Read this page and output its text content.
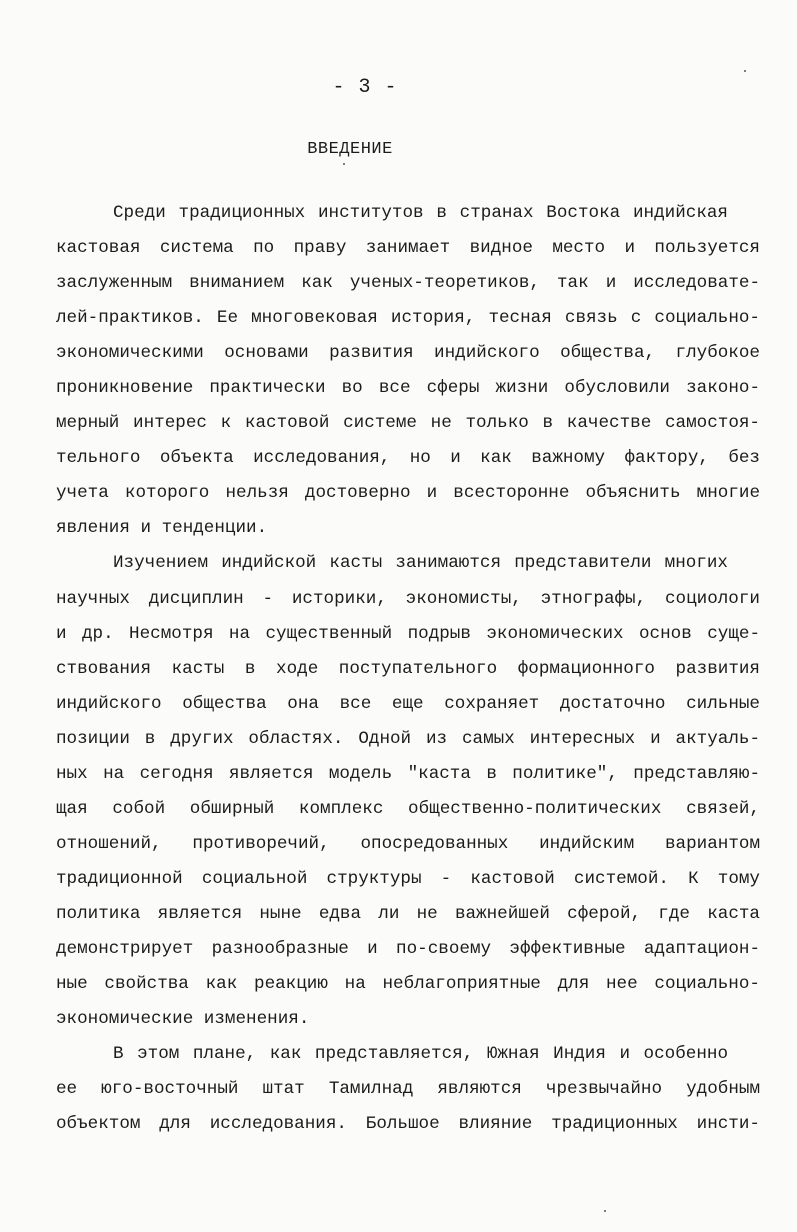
- 3 -
ВВЕДЕНИЕ
Среди традиционных институтов в странах Востока индийская
кастовая система по праву занимает видное место и пользуется
заслуженным вниманием как ученых-теоретиков, так и исследовате-
лей-практиков. Ее многовековая история, тесная связь с социально-
экономическими основами развития индийского общества, глубокое
проникновение практически во все сферы жизни обусловили законо-
мерный интерес к кастовой системе не только в качестве самостоя-
тельного объекта исследования, но и как важному фактору, без
учета которого нельзя достоверно и всесторонне объяснить многие
явления и тенденции.
Изучением индийской касты занимаются представители многих
научных дисциплин - историки, экономисты, этнографы, социологи
и др. Несмотря на существенный подрыв экономических основ суще-
ствования касты в ходе поступательного формационного развития
индийского общества она все еще сохраняет достаточно сильные
позиции в других областях. Одной из самых интересных и актуаль-
ных на сегодня является модель "каста в политике", представляю-
щая собой обширный комплекс общественно-политических связей,
отношений, противоречий, опосредованных индийским вариантом
традиционной социальной структуры - кастовой системой. К тому
политика является ныне едва ли не важнейшей сферой, где каста
демонстрирует разнообразные и по-своему эффективные адаптацион-
ные свойства как реакцию на неблагоприятные для нее социально-
экономические изменения.
В этом плане, как представляется, Южная Индия и особенно
ее юго-восточный штат Тамилнад являются чрезвычайно удобным
объектом для исследования. Большое влияние традиционных инсти-
